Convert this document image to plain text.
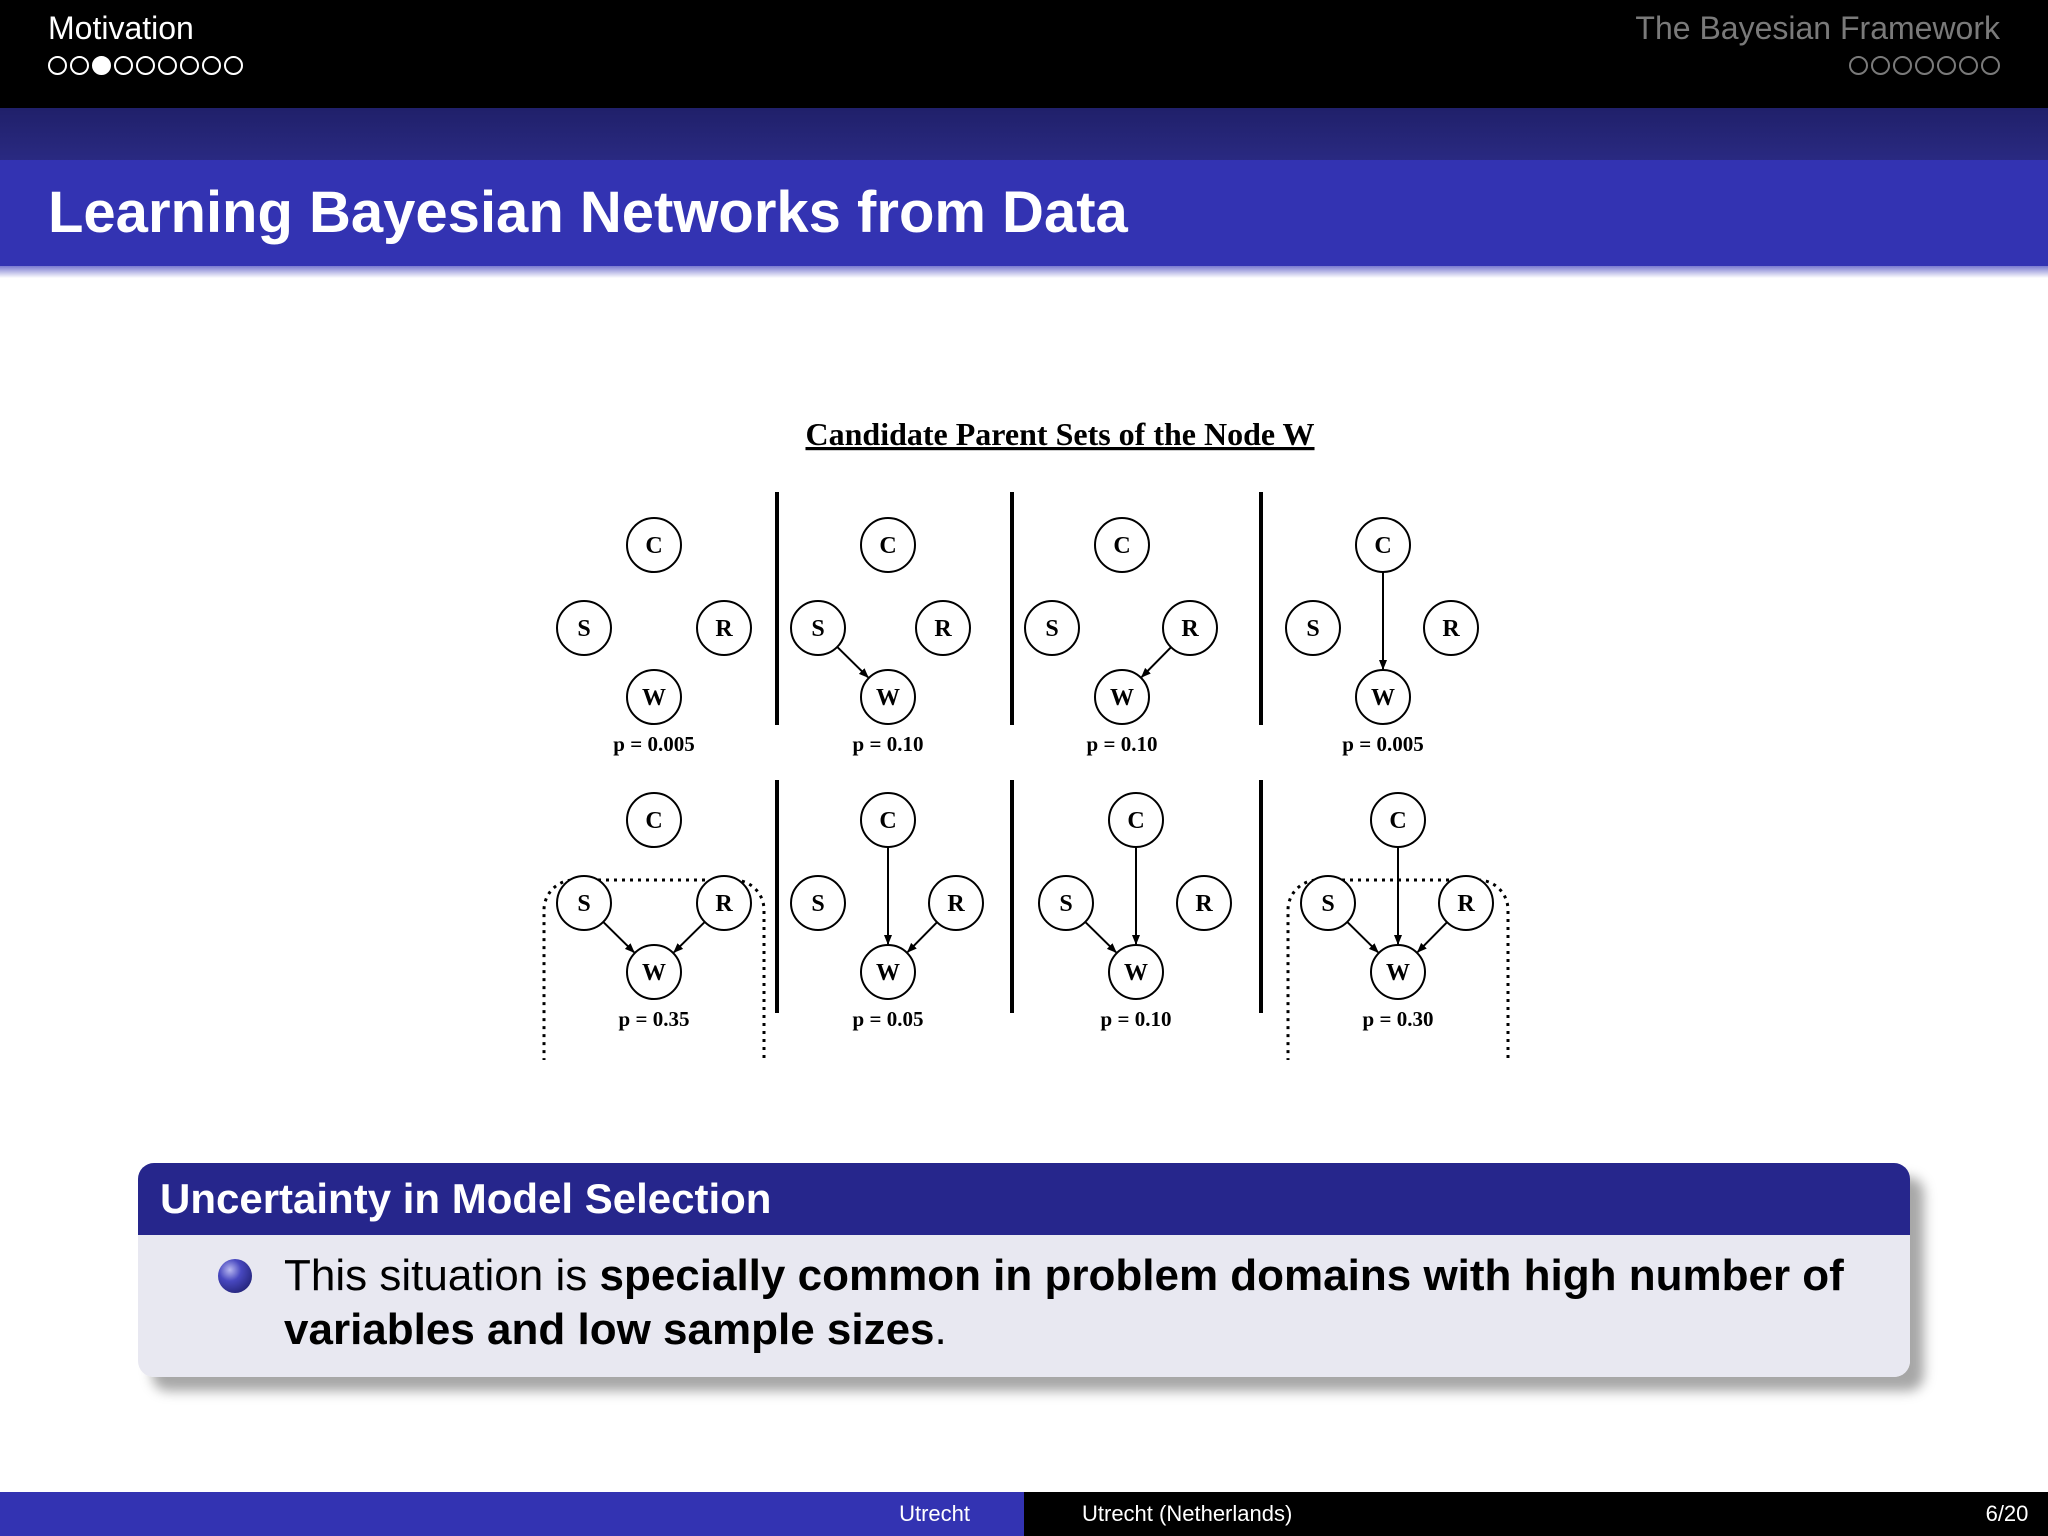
Motivation	The Bayesian Framework
Learning Bayesian Networks from Data
Candidate Parent Sets of the Node W
C
S	R
W
p = 0.005
C
S	R
W
p = 0.10
C
S	R
W
p = 0.10
C
S	R
W
p = 0.005
C
S	R
W
p = 0.35
C
S	R
W
p = 0.05
C
S	R
W
p = 0.10
C
S	R
W
p = 0.30
Uncertainty in Model Selection
This situation is specially common in problem domains with high number of variables and low sample sizes.
Utrecht	Utrecht (Netherlands)	6/20
